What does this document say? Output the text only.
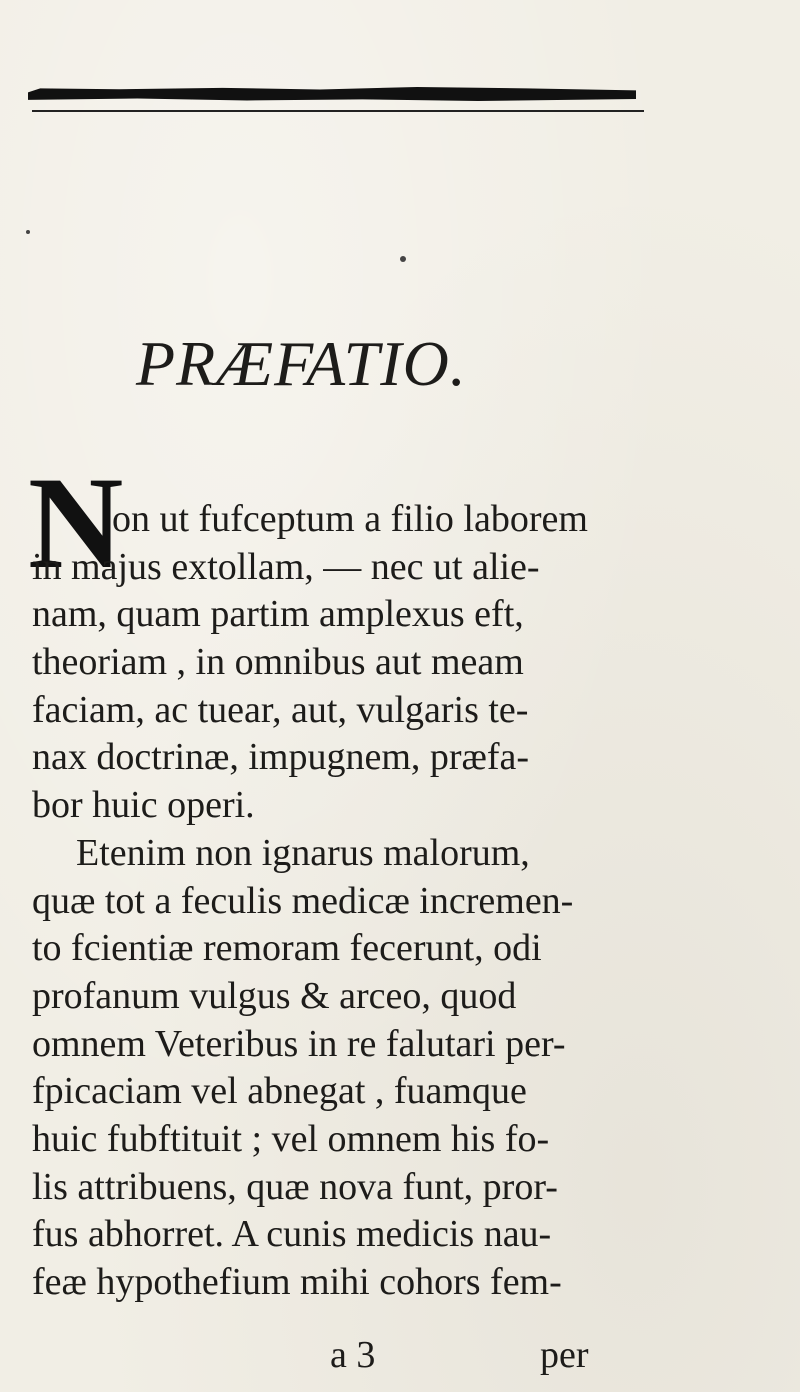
PRÆFATIO.
N
on ut fufceptum a filio laborem
in majus extollam, — nec ut alie-
nam, quam partim amplexus eft,
theoriam , in omnibus aut meam
faciam, ac tuear, aut, vulgaris te-
nax doctrinæ, impugnem, præfa-
bor huic operi.
Etenim non ignarus malorum,
quæ tot a feculis medicæ incremen-
to fcientiæ remoram fecerunt, odi
profanum vulgus & arceo, quod
omnem Veteribus in re falutari per-
fpicaciam vel abnegat , fuamque
huic fubftituit ; vel omnem his fo-
lis attribuens, quæ nova funt, pror-
fus abhorret. A cunis medicis nau-
feæ hypothefium mihi cohors fem-
a 3	per
